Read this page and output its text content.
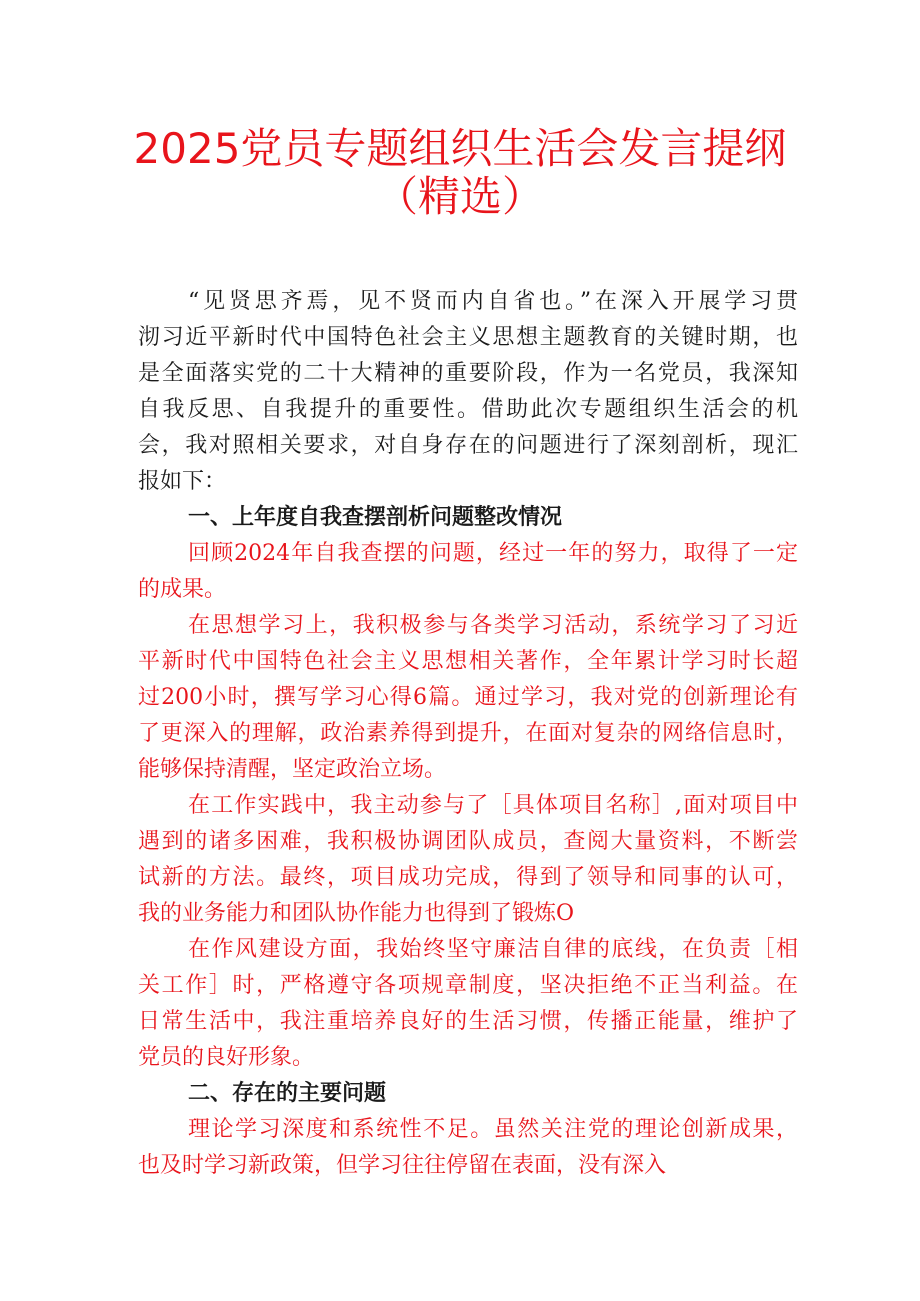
2025党员专题组织生活会发言提纲
（精选）
“见贤思齐焉，见不贤而内自省也。”在深入开展学习贯
沏习近平新时代中国特色社会主义思想主题教育的关键时期，也
是全面落实党的二十大精神的重要阶段，作为一名党员，我深知
自我反思、自我提升的重要性。借助此次专题组织生活会的机
会，我对照相关要求，对自身存在的问题进行了深刻剖析，现汇
报如下：
一、上年度自我查摆剖析问题整改情况
回顾2024年自我查摆的问题，经过一年的努力，取得了一定
的成果。
在思想学习上，我积极参与各类学习活动，系统学习了习近
平新时代中国特色社会主义思想相关著作，全年累计学习时长超
过200小时，撰写学习心得6篇。通过学习，我对党的创新理论有
了更深入的理解，政治素养得到提升，在面对复杂的网络信息时，
能够保持清醒，坚定政治立场。
在工作实践中，我主动参与了［具体项目名称］,面对项目中
遇到的诸多困难，我积极协调团队成员，查阅大量资料，不断尝
试新的方法。最终，项目成功完成，得到了领导和同事的认可，
我的业务能力和团队协作能力也得到了锻炼O
在作风建设方面，我始终坚守廉洁自律的底线，在负责［相
关工作］时，严格遵守各项规章制度，坚决拒绝不正当利益。在
日常生活中，我注重培养良好的生活习惯，传播正能量，维护了
党员的良好形象。
二、存在的主要问题
理论学习深度和系统性不足。虽然关注党的理论创新成果，
也及时学习新政策，但学习往往停留在表面，没有深入
